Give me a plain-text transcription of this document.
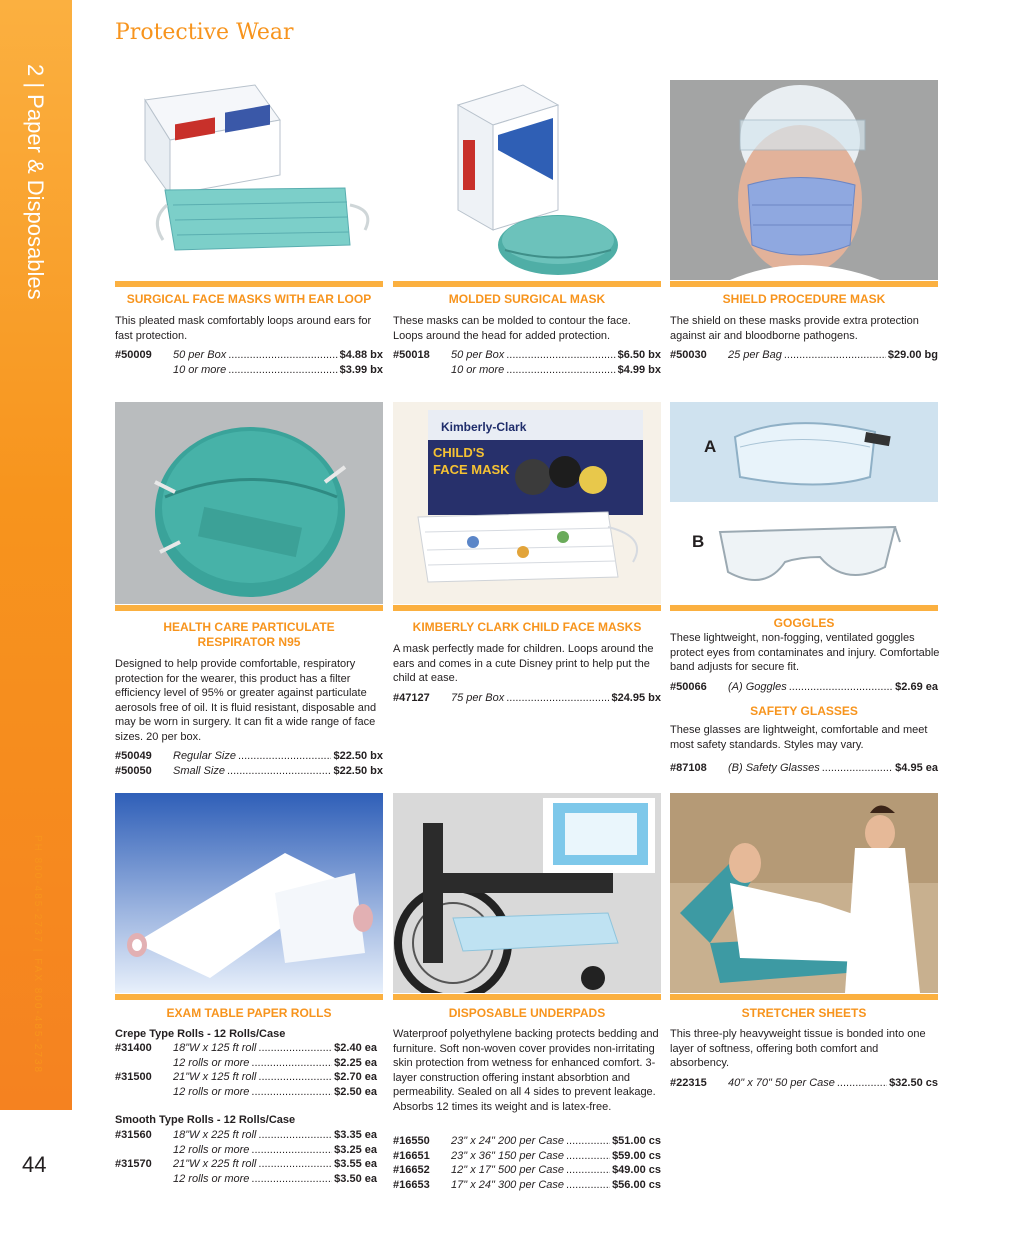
2 | Paper & Disposables
PH 800-485-2737 | FAX 800-485-2738
44
Protective Wear
SURGICAL FACE MASKS WITH EAR LOOP
This pleated mask comfortably loops around ears for fast protection.
#50009	50 per Box .....	$4.88 bx
10 or more .....	$3.99 bx
MOLDED SURGICAL MASK
These masks can be molded to contour the face. Loops around the head for added protection.
#50018	50 per Box .....	$6.50 bx
10 or more .....	$4.99 bx
SHIELD PROCEDURE MASK
The shield on these masks provide extra protection against air and bloodborne pathogens.
#50030	25 per Bag .....	$29.00 bg
HEALTH CARE PARTICULATE
RESPIRATOR N95
Designed to help provide comfortable, respiratory protection for the wearer, this product has a filter efficiency level of 95% or greater against particulate aerosols free of oil. It is fluid resistant, disposable and may be worn in surgery. It can fit a wide range of face sizes. 20 per box.
#50049	Regular Size .....	$22.50 bx
#50050	Small Size .....	$22.50 bx
Kimberly-Clark
CHILD'S
FACE MASK
KIMBERLY CLARK CHILD FACE MASKS
A mask perfectly made for children. Loops around the ears and comes in a cute Disney print to help put the child at ease.
#47127	75 per Box .....	$24.95 bx
A
B
GOGGLES
These lightweight, non-fogging, ventilated goggles protect eyes from contaminates and injury. Comfortable band adjusts for secure fit.
#50066	(A) Goggles .....	$2.69 ea
SAFETY GLASSES
These glasses are lightweight, comfortable and meet most safety standards. Styles may vary.
#87108	(B) Safety Glasses .....	$4.95 ea
EXAM TABLE PAPER ROLLS
Crepe Type Rolls - 12 Rolls/Case
#31400	18"W x 125 ft roll .....	$2.40 ea
12 rolls or more .....	$2.25 ea
#31500	21"W x 125 ft roll .....	$2.70 ea
12 rolls or more .....	$2.50 ea
Smooth Type Rolls - 12 Rolls/Case
#31560	18"W x 225 ft roll .....	$3.35 ea
12 rolls or more .....	$3.25 ea
#31570	21"W x 225 ft roll .....	$3.55 ea
12 rolls or more .....	$3.50 ea
DISPOSABLE UNDERPADS
Waterproof polyethylene backing protects bedding and furniture. Soft non-woven cover provides non-irritating skin protection from wetness for enhanced comfort. 3-layer construction offering instant absorbtion and permeability. Sealed on all 4 sides to prevent leakage. Absorbs 12 times its weight and is latex-free.
#16550	23" x 24" 200 per Case .....	$51.00 cs
#16651	23" x 36" 150 per Case .....	$59.00 cs
#16652	12" x 17" 500 per Case .....	$49.00 cs
#16653	17" x 24" 300 per Case .....	$56.00 cs
STRETCHER SHEETS
This three-ply heavyweight tissue is bonded into one layer of softness, offering both comfort and absorbency.
#22315	40" x 70" 50 per Case .....	$32.50 cs
